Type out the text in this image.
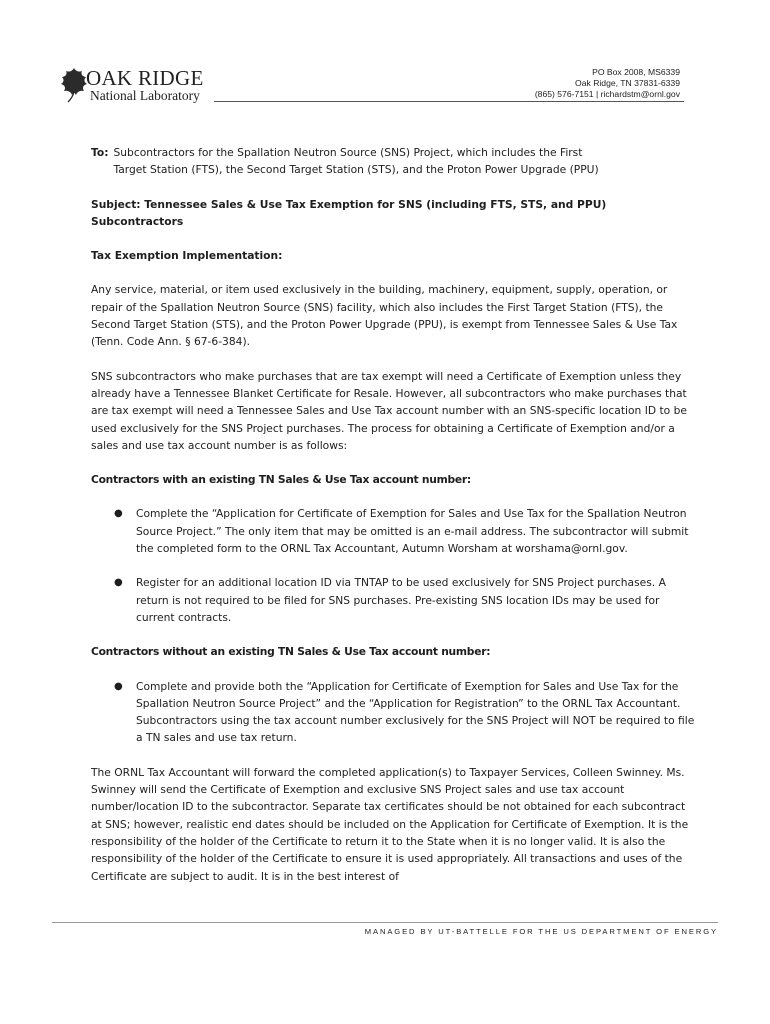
OAK RIDGE
National Laboratory
PO Box 2008, MS6339
Oak Ridge, TN 37831-6339
(865) 576-7151 | richardstm@ornl.gov
To: Subcontractors for the Spallation Neutron Source (SNS) Project, which includes the First
Target Station (FTS), the Second Target Station (STS), and the Proton Power Upgrade (PPU)
Subject: Tennessee Sales & Use Tax Exemption for SNS (including FTS, STS, and PPU) Subcontractors
Tax Exemption Implementation:

Any service, material, or item used exclusively in the building, machinery, equipment, supply, operation, or repair of the Spallation Neutron Source (SNS) facility, which also includes the First Target Station (FTS), the Second Target Station (STS), and the Proton Power Upgrade (PPU), is exempt from Tennessee Sales & Use Tax (Tenn. Code Ann. § 67-6-384).

SNS subcontractors who make purchases that are tax exempt will need a Certificate of Exemption unless they already have a Tennessee Blanket Certificate for Resale. However, all subcontractors who make purchases that are tax exempt will need a Tennessee Sales and Use Tax account number with an SNS-specific location ID to be used exclusively for the SNS Project purchases. The process for obtaining a Certificate of Exemption and/or a sales and use tax account number is as follows:

Contractors with an existing TN Sales & Use Tax account number:
● Complete the “Application for Certificate of Exemption for Sales and Use Tax for the Spallation Neutron Source Project.” The only item that may be omitted is an e-mail address. The subcontractor will submit the completed form to the ORNL Tax Accountant, Autumn Worsham at worshama@ornl.gov.
● Register for an additional location ID via TNTAP to be used exclusively for SNS Project purchases. A return is not required to be filed for SNS purchases. Pre-existing SNS location IDs may be used for current contracts.
Contractors without an existing TN Sales & Use Tax account number:
● Complete and provide both the “Application for Certificate of Exemption for Sales and Use Tax for the Spallation Neutron Source Project” and the “Application for Registration” to the ORNL Tax Accountant. Subcontractors using the tax account number exclusively for the SNS Project will NOT be required to file a TN sales and use tax return.

The ORNL Tax Accountant will forward the completed application(s) to Taxpayer Services, Colleen Swinney. Ms. Swinney will send the Certificate of Exemption and exclusive SNS Project sales and use tax account number/location ID to the subcontractor. Separate tax certificates should be not obtained for each subcontract at SNS; however, realistic end dates should be included on the Application for Certificate of Exemption. It is the responsibility of the holder of the Certificate to return it to the State when it is no longer valid. It is also the responsibility of the holder of the Certificate to ensure it is used appropriately. All transactions and uses of the Certificate are subject to audit. It is in the best interest of

MANAGED BY UT-BATTELLE FOR THE US DEPARTMENT OF ENERGY
